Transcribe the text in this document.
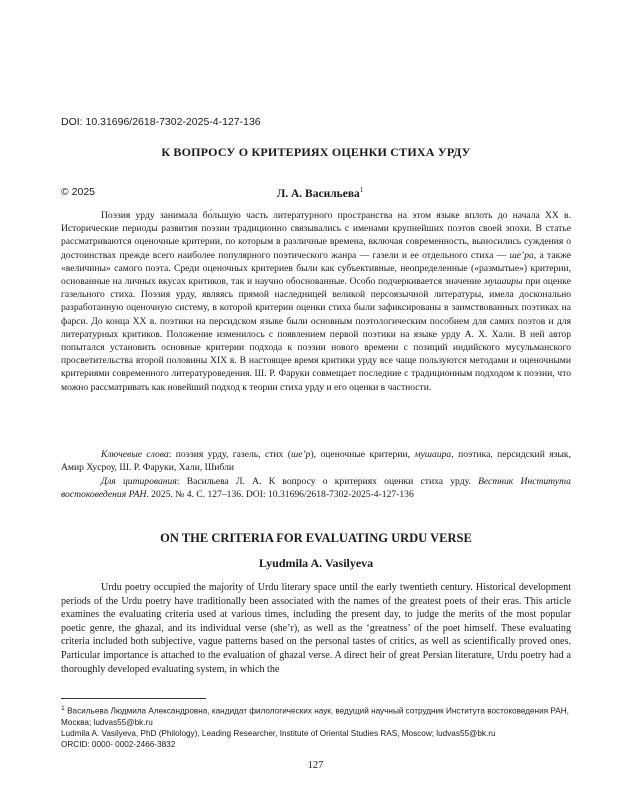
DOI: 10.31696/2618-7302-2025-4-127-136
К ВОПРОСУ О КРИТЕРИЯХ ОЦЕНКИ СТИХА УРДУ
© 2025	Л. А. Васильева$^1$

Поэзия урду занимала бо́льшую часть литературного пространства на этом языке вплоть до начала XX в. Исторические периоды развития поэзии традиционно связывались с именами крупнейших поэтов своей эпохи. В статье рассматриваются оценочные критерии, по которым в различные времена, включая современность, выносились суждения о достоинствах прежде всего наиболее популярного поэтического жанра — газели и ее отдельного стиха — ше’ра, а также «величины» самого поэта. Среди оценочных критериев были как субъективные, неопределенные («размытые») критерии, основанные на личных вкусах критиков, так и научно обоснованные. Особо подчеркивается значение мушаиры при оценке газельного стиха. Поэзия урду, являясь прямой наследницей великой персоязычной литературы, имела досконально разработанную оценочную систему, в которой критерии оценки стиха были зафиксированы в заимствованных поэтиках на фарси. До конца XX в. поэтики на персидском языке были основным поэтологическим пособием для самих поэтов и для литературных критиков. Положение изменилось с появлением первой поэтики на языке урду А. Х. Хали. В ней автор попытался установить основные критерии подхода к поэзии нового времени с позиций индийского мусульманского просветительства второй половины XIX в. В настоящее время критики урду все чаще пользуются методами и оценочными критериями современного литературоведения. Ш. Р. Фаруки совмещает последние с традиционным подходом к поэзии, что можно рассматривать как новейший подход к теории стиха урду и его оценки в частности.

Ключевые слова: поэзия урду, газель, стих (ше’р), оценочные критерии, мушаира, поэтика, персидский язык, Амир Хусроу, Ш. Р. Фаруки, Хали, Шибли

Для цитирования: Васильева Л. А. К вопросу о критериях оценки стиха урду. Вестник Института востоковедения РАН. 2025. № 4. С. 127–136. DOI: 10.31696/2618-7302-2025-4-127-136

ON THE CRITERIA FOR EVALUATING URDU VERSE
Lyudmila A. Vasilyeva

Urdu poetry occupied the majority of Urdu literary space until the early twentieth century. Historical development periods of the Urdu poetry have traditionally been associated with the names of the greatest poets of their eras. This article examines the evaluating criteria used at various times, including the present day, to judge the merits of the most popular poetic genre, the ghazal, and its individual verse (she’r), as well as the ‘greatness’ of the poet himself. These evaluating criteria included both subjective, vague patterns based on the personal tastes of critics, as well as scientifically proved ones. Particular importance is attached to the evaluation of ghazal verse. A direct heir of great Persian literature, Urdu poetry had a thoroughly developed evaluating system, in which the

$^1$ Васильева Людмила Александровна, кандидат филологических наук, ведущий научный сотрудник Института востоковедения РАН, Москва; ludvas55@bk.ru
Ludmila A. Vasilyeva, PhD (Philology), Leading Researcher, Institute of Oriental Studies RAS, Moscow; ludvas55@bk.ru
ORCID: 0000- 0002-2466-3832
127
